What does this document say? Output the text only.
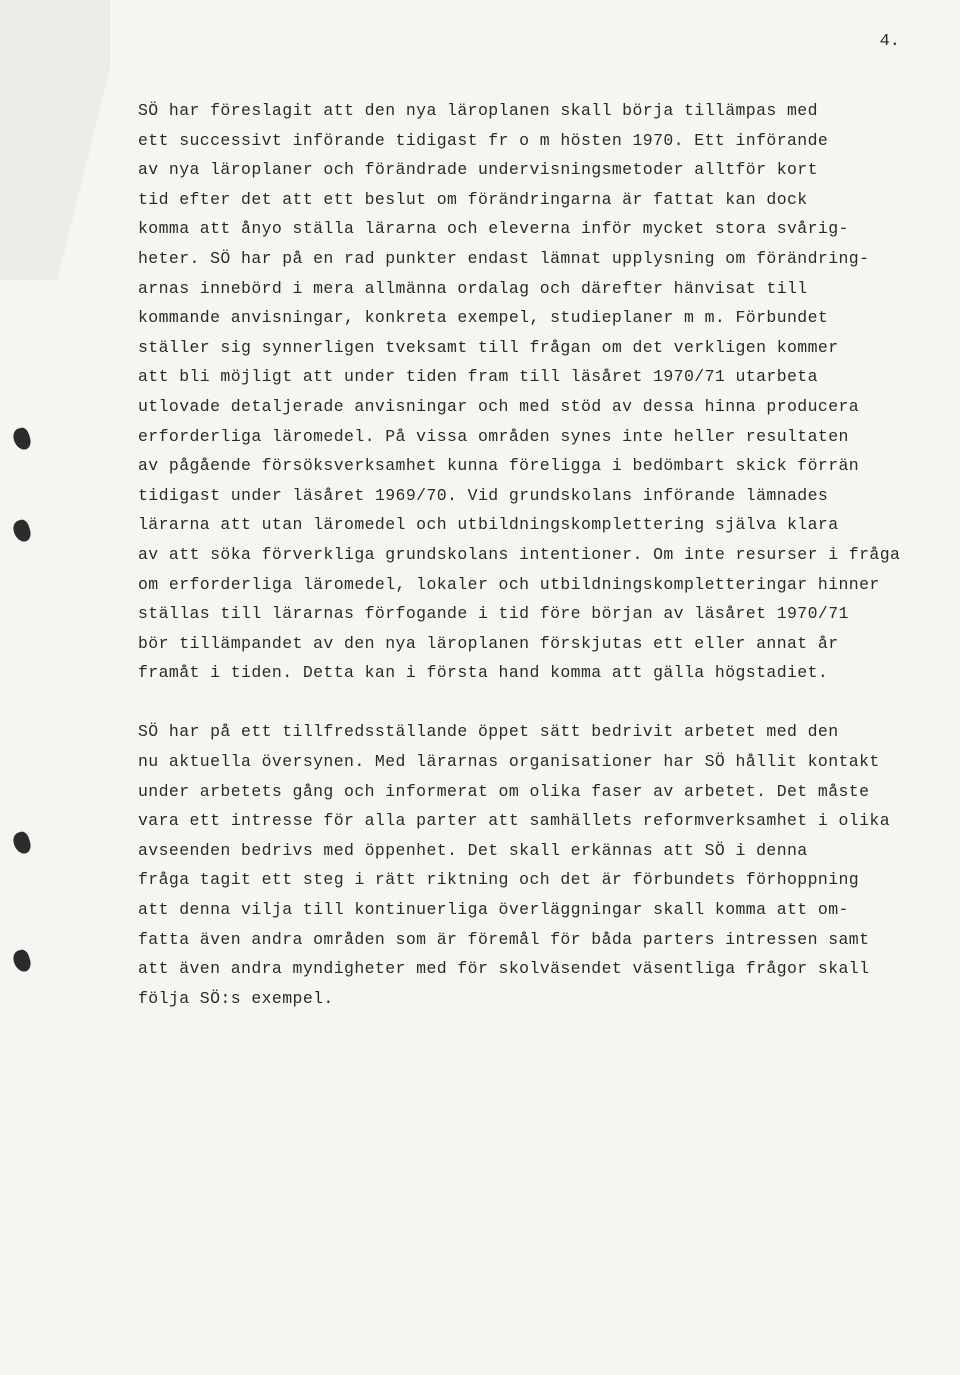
4.

SÖ har föreslagit att den nya läroplanen skall börja tillämpas med
ett successivt införande tidigast fr o m hösten 1970. Ett införande
av nya läroplaner och förändrade undervisningsmetoder alltför kort
tid efter det att ett beslut om förändringarna är fattat kan dock
komma att ånyo ställa lärarna och eleverna inför mycket stora svårig-
heter. SÖ har på en rad punkter endast lämnat upplysning om förändring-
arnas innebörd i mera allmänna ordalag och därefter hänvisat till
kommande anvisningar, konkreta exempel, studieplaner m m. Förbundet
ställer sig synnerligen tveksamt till frågan om det verkligen kommer
att bli möjligt att under tiden fram till läsåret 1970/71 utarbeta
utlovade detaljerade anvisningar och med stöd av dessa hinna producera
erforderliga läromedel. På vissa områden synes inte heller resultaten
av pågående försöksverksamhet kunna föreligga i bedömbart skick förrän
tidigast under läsåret 1969/70. Vid grundskolans införande lämnades
lärarna att utan läromedel och utbildningskomplettering själva klara
av att söka förverkliga grundskolans intentioner. Om inte resurser i fråga
om erforderliga läromedel, lokaler och utbildningskompletteringar hinner
ställas till lärarnas förfogande i tid före början av läsåret 1970/71
bör tillämpandet av den nya läroplanen förskjutas ett eller annat år
framåt i tiden. Detta kan i första hand komma att gälla högstadiet.

SÖ har på ett tillfredsställande öppet sätt bedrivit arbetet med den
nu aktuella översynen. Med lärarnas organisationer har SÖ hållit kontakt
under arbetets gång och informerat om olika faser av arbetet. Det måste
vara ett intresse för alla parter att samhällets reformverksamhet i olika
avseenden bedrivs med öppenhet. Det skall erkännas att SÖ i denna
fråga tagit ett steg i rätt riktning och det är förbundets förhoppning
att denna vilja till kontinuerliga överläggningar skall komma att om-
fatta även andra områden som är föremål för båda parters intressen samt
att även andra myndigheter med för skolväsendet väsentliga frågor skall
följa SÖ:s exempel.
